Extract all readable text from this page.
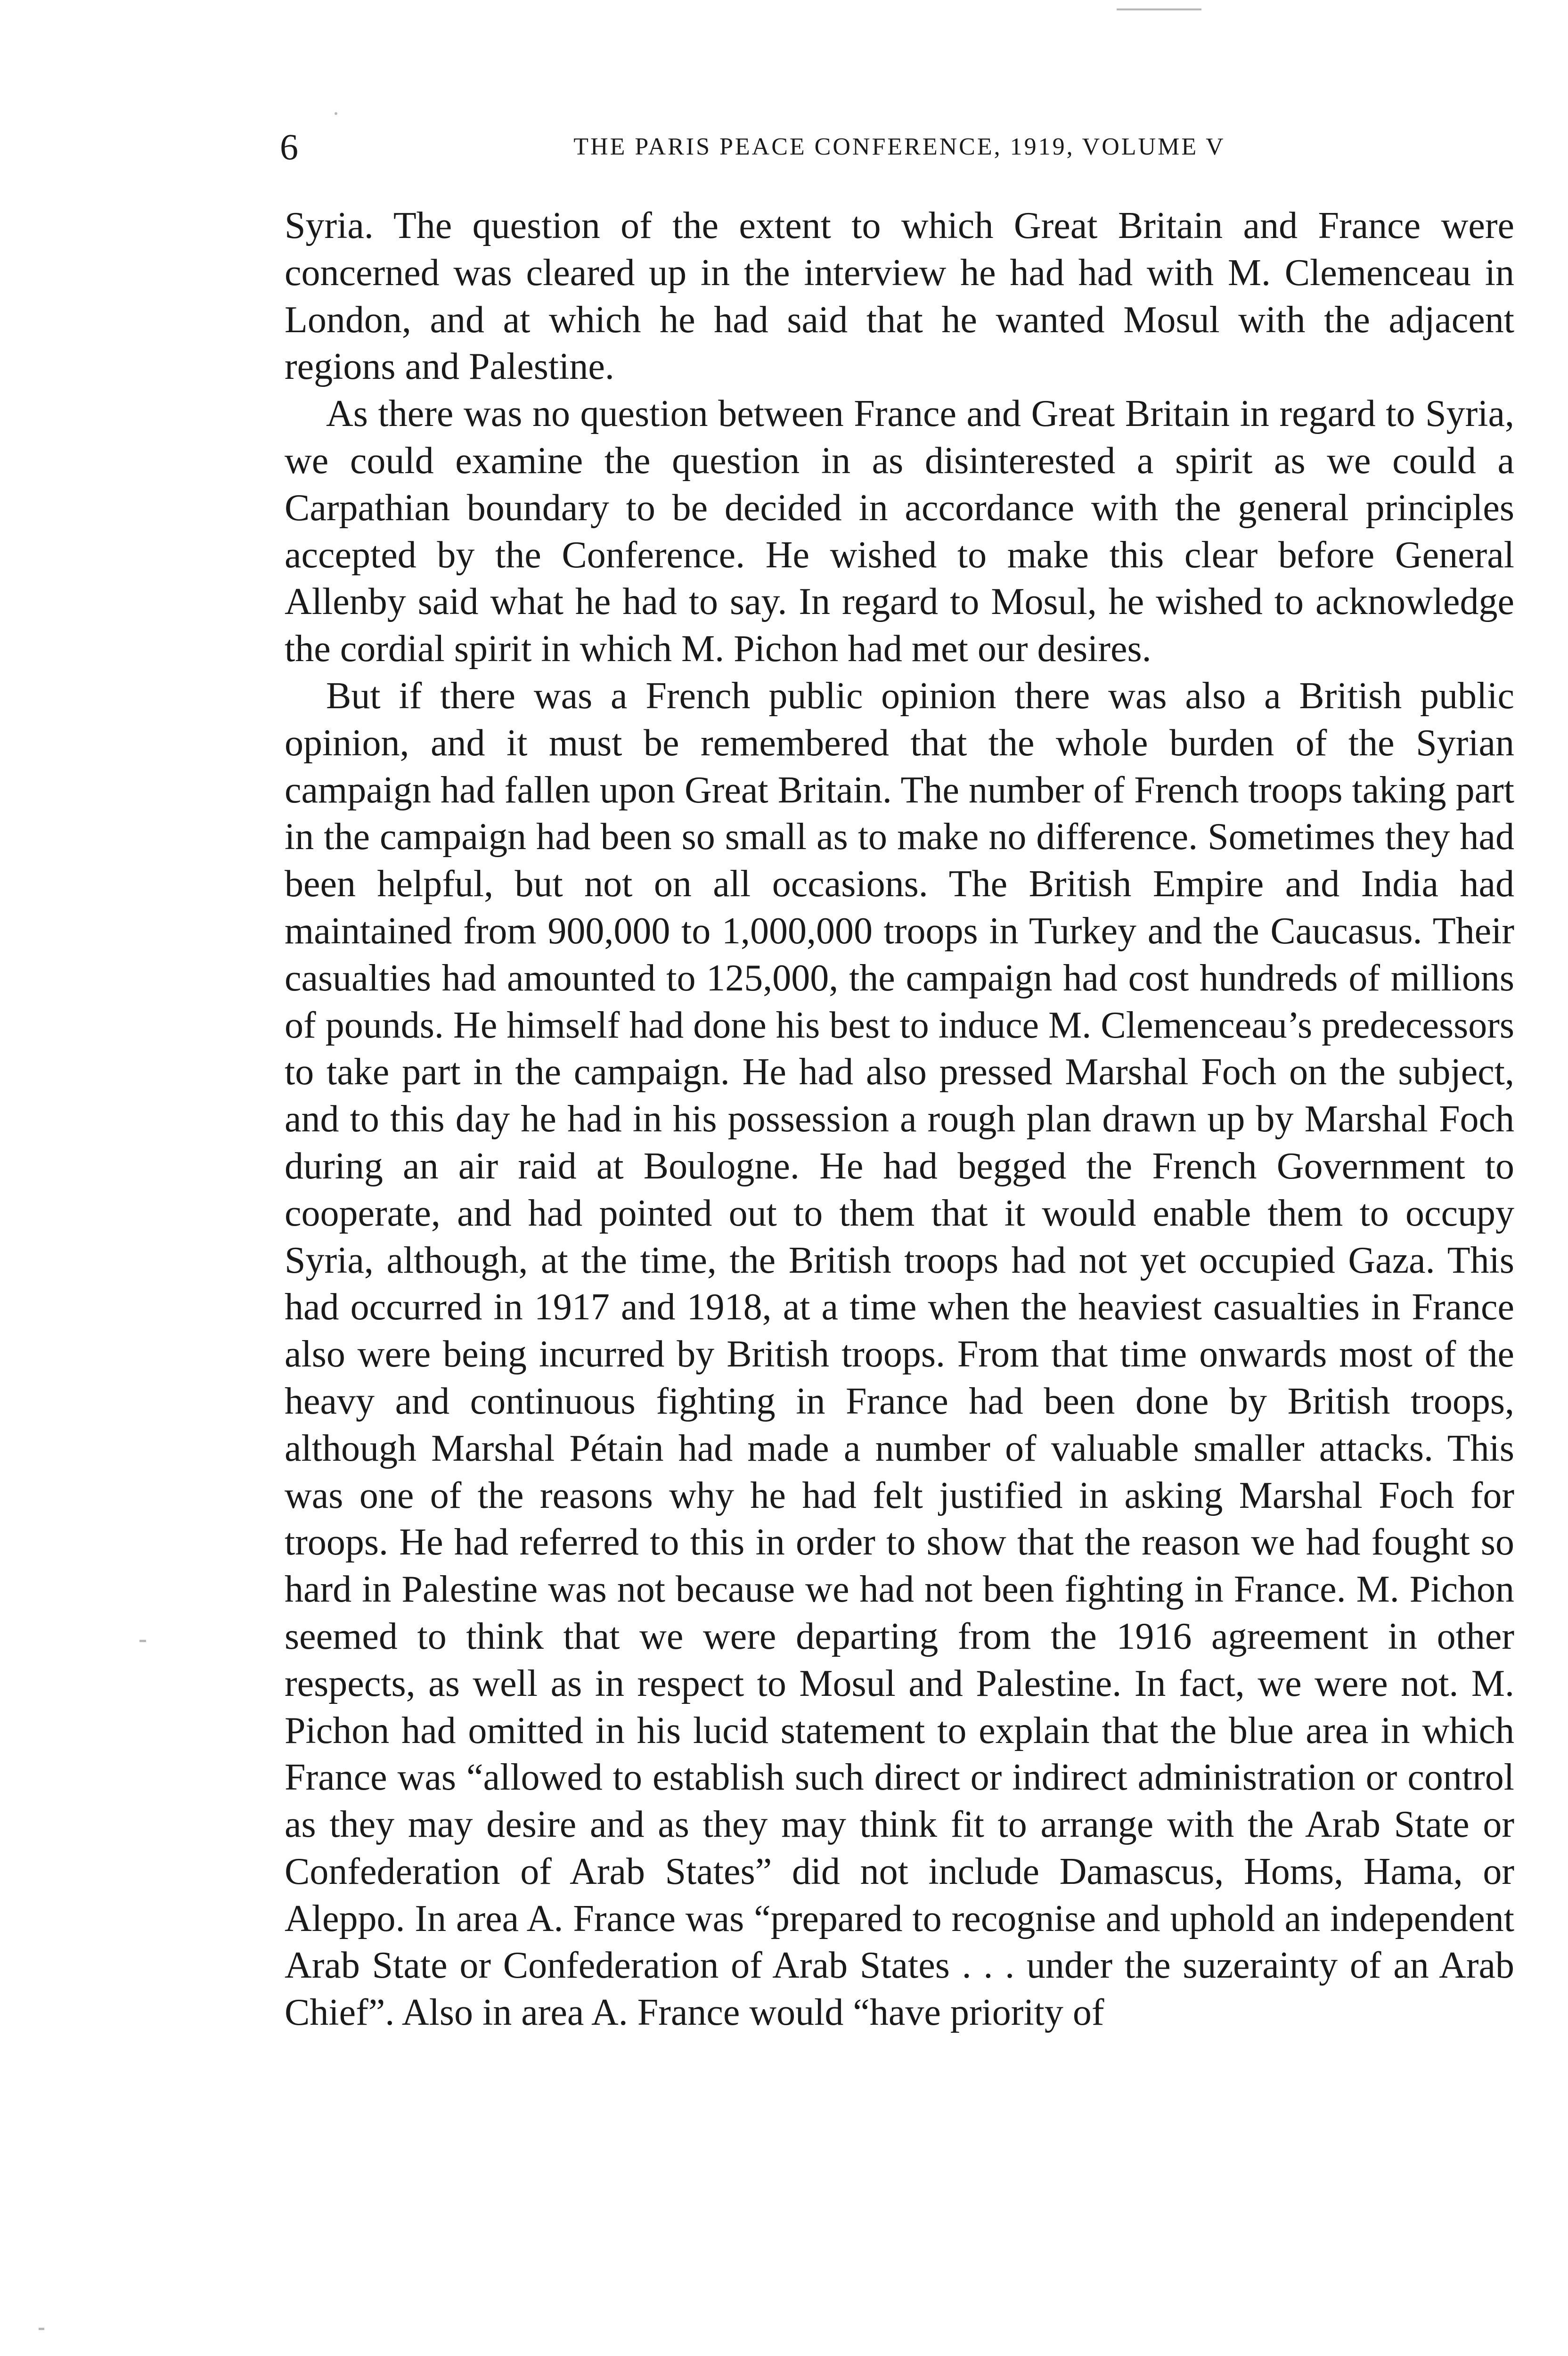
6	THE PARIS PEACE CONFERENCE, 1919, VOLUME V

Syria. The question of the extent to which Great Britain and France were concerned was cleared up in the interview he had had with M. Clemenceau in London, and at which he had said that he wanted Mosul with the adjacent regions and Palestine.

As there was no question between France and Great Britain in regard to Syria, we could examine the question in as disinterested a spirit as we could a Carpathian boundary to be decided in accordance with the general principles accepted by the Conference. He wished to make this clear before General Allenby said what he had to say. In regard to Mosul, he wished to acknowledge the cordial spirit in which M. Pichon had met our desires.

But if there was a French public opinion there was also a British public opinion, and it must be remembered that the whole burden of the Syrian campaign had fallen upon Great Britain. The number of French troops taking part in the campaign had been so small as to make no difference. Sometimes they had been helpful, but not on all occasions. The British Empire and India had maintained from 900,000 to 1,000,000 troops in Turkey and the Caucasus. Their casualties had amounted to 125,000, the campaign had cost hundreds of millions of pounds. He himself had done his best to induce M. Clemenceau’s predecessors to take part in the campaign. He had also pressed Marshal Foch on the subject, and to this day he had in his possession a rough plan drawn up by Marshal Foch during an air raid at Boulogne. He had begged the French Government to cooperate, and had pointed out to them that it would enable them to occupy Syria, although, at the time, the British troops had not yet occupied Gaza. This had occurred in 1917 and 1918, at a time when the heaviest casualties in France also were being incurred by British troops. From that time onwards most of the heavy and continuous fighting in France had been done by British troops, although Marshal Pétain had made a number of valuable smaller attacks. This was one of the reasons why he had felt justified in asking Marshal Foch for troops. He had referred to this in order to show that the reason we had fought so hard in Palestine was not because we had not been fighting in France. M. Pichon seemed to think that we were departing from the 1916 agreement in other respects, as well as in respect to Mosul and Palestine. In fact, we were not. M. Pichon had omitted in his lucid statement to explain that the blue area in which France was “allowed to establish such direct or indirect administration or control as they may desire and as they may think fit to arrange with the Arab State or Confederation of Arab States” did not include Damascus, Homs, Hama, or Aleppo. In area A. France was “prepared to recognise and uphold an independent Arab State or Confederation of Arab States . . . under the suzerainty of an Arab Chief”. Also in area A. France would “have priority of
